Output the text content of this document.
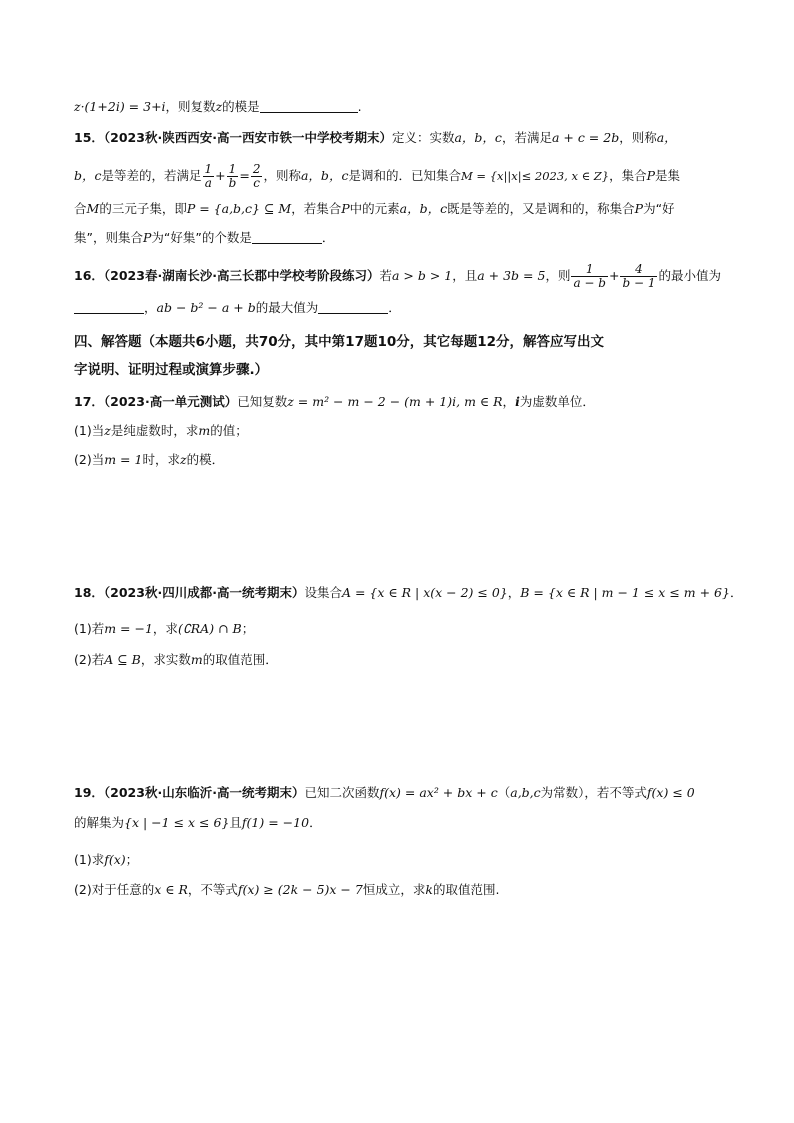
z·(1+2i) = 3+i，则复数z的模是	.
15．（2023秋·陕西西安·高一西安市铁一中学校考期末）定义：实数a，b，c，若满足a + c = 2b，则称a，
b，c是等差的，若满足 $\frac{1}{a} + \frac{1}{b} = \frac{2}{c}$ ，则称a，b，c是调和的．已知集合M = {x||x|≤ 2023, x ∈ Z}，集合P是集
合M的三元子集，即P = {a,b,c} ⊆ M，若集合P中的元素a，b，c既是等差的，又是调和的，称集合P为“好
集”，则集合P为“好集”的个数是	．
16．（2023春·湖南长沙·高三长郡中学校考阶段练习）若a > b > 1，且a + 3b = 5，则 $\frac{1}{a - b} + \frac{4}{b - 1}$ 的最小值为
，ab − b² − a + b的最大值为	．
四、解答题（本题共6小题，共70分，其中第17题10分，其它每题12分，解答应写出文
字说明、证明过程或演算步骤.）
17．（2023·高一单元测试）已知复数z = m² − m − 2 − (m + 1)i, m ∈ R，i为虚数单位．
(1)当z是纯虚数时，求m的值；
(2)当m = 1时，求z的模．
18．（2023秋·四川成都·高一统考期末）设集合A = {x ∈ R | x(x − 2) ≤ 0}，B = {x ∈ R | m − 1 ≤ x ≤ m + 6}．
(1)若m = −1，求(∁RA) ∩ B；
(2)若A ⊆ B，求实数m的取值范围．
19．（2023秋·山东临沂·高一统考期末）已知二次函数f(x) = ax² + bx + c（a,b,c为常数），若不等式f(x) ≤ 0
的解集为{x | −1 ≤ x ≤ 6}且f(1) = −10．
(1)求f(x)；
(2)对于任意的x ∈ R，不等式f(x) ≥ (2k − 5)x − 7恒成立，求k的取值范围.
